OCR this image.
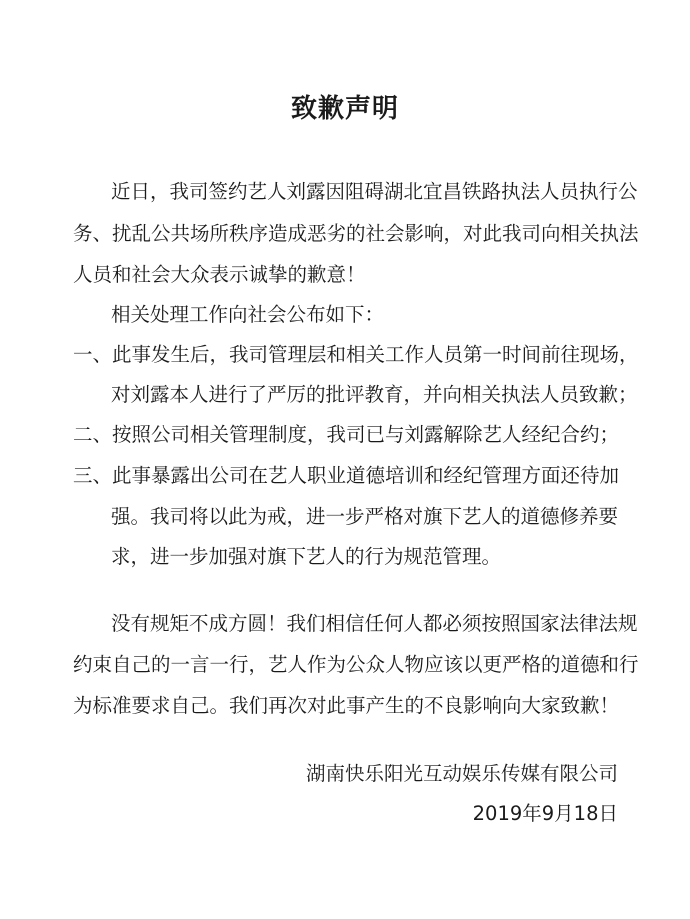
致歉声明
近日，我司签约艺人刘露因阻碍湖北宜昌铁路执法人员执行公
务、扰乱公共场所秩序造成恶劣的社会影响，对此我司向相关执法
人员和社会大众表示诚挚的歉意！
相关处理工作向社会公布如下：
一、此事发生后，我司管理层和相关工作人员第一时间前往现场，
对刘露本人进行了严厉的批评教育，并向相关执法人员致歉；
二、按照公司相关管理制度，我司已与刘露解除艺人经纪合约；
三、此事暴露出公司在艺人职业道德培训和经纪管理方面还待加
强。我司将以此为戒，进一步严格对旗下艺人的道德修养要
求，进一步加强对旗下艺人的行为规范管理。
没有规矩不成方圆！我们相信任何人都必须按照国家法律法规
约束自己的一言一行，艺人作为公众人物应该以更严格的道德和行
为标准要求自己。我们再次对此事产生的不良影响向大家致歉！
湖南快乐阳光互动娱乐传媒有限公司
2019年9月18日
